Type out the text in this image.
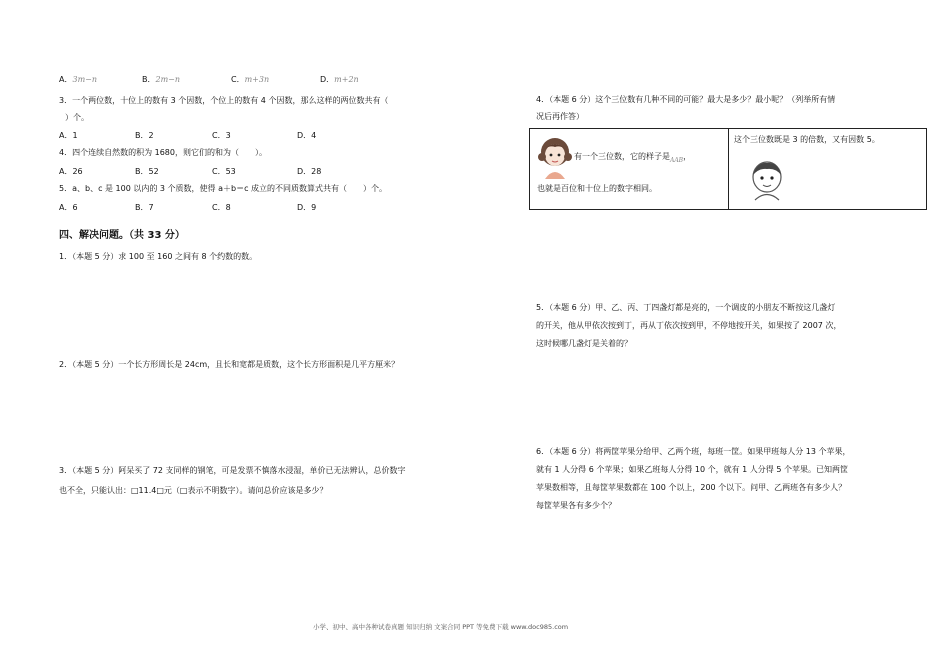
A．3m−n	B．2m−n	C．m+3n	D．m+2n
3．一个两位数，十位上的数有 3 个因数，个位上的数有 4 个因数，那么这样的两位数共有（
）个。
A．1	B．2	C．3	D．4
4．四个连续自然数的积为 1680，则它们的和为（　　）。
A．26	B．52	C．53	D．28
5．a、b、c 是 100 以内的 3 个质数，使得 a＋b＝c 成立的不同质数算式共有（　　）个。
A．6	B．7	C．8	D．9
四、解决问题。（共 33 分）
1．（本题 5 分）求 100 至 160 之间有 8 个约数的数。
2．（本题 5 分）一个长方形周长是 24cm，且长和宽都是质数，这个长方形面积是几平方厘米？
3．（本题 5 分）阿呆买了 72 支同样的钢笔，可是发票不慎落水浸湿，单价已无法辨认，总价数字
也不全，只能认出：□11.4□元（□表示不明数字）。请问总价应该是多少？
4．（本题 6 分）这个三位数有几种不同的可能？最大是多少？最小呢？（列举所有情
况后再作答）
有一个三位数，它的样子是$_{AAB}$，
也就是百位和十位上的数字相同。
这个三位数既是 3 的倍数，又有因数 5。
5．（本题 6 分）甲、乙、丙、丁四盏灯都是亮的，一个调皮的小朋友不断按这几盏灯
的开关，他从甲依次按到丁，再从丁依次按到甲，不停地按开关，如果按了 2007 次，
这时候哪几盏灯是关着的？
6．（本题 6 分）将两筐苹果分给甲、乙两个班，每班一筐。如果甲班每人分 13 个苹果，
就有 1 人分得 6 个苹果；如果乙班每人分得 10 个，就有 1 人分得 5 个苹果。已知两筐
苹果数相等，且每筐苹果数都在 100 个以上，200 个以下。问甲、乙两班各有多少人？
每筐苹果各有多少个？
小学、初中、高中各种试卷真题 知识归纳 文案合同 PPT 等免费下载 www.doc985.com
